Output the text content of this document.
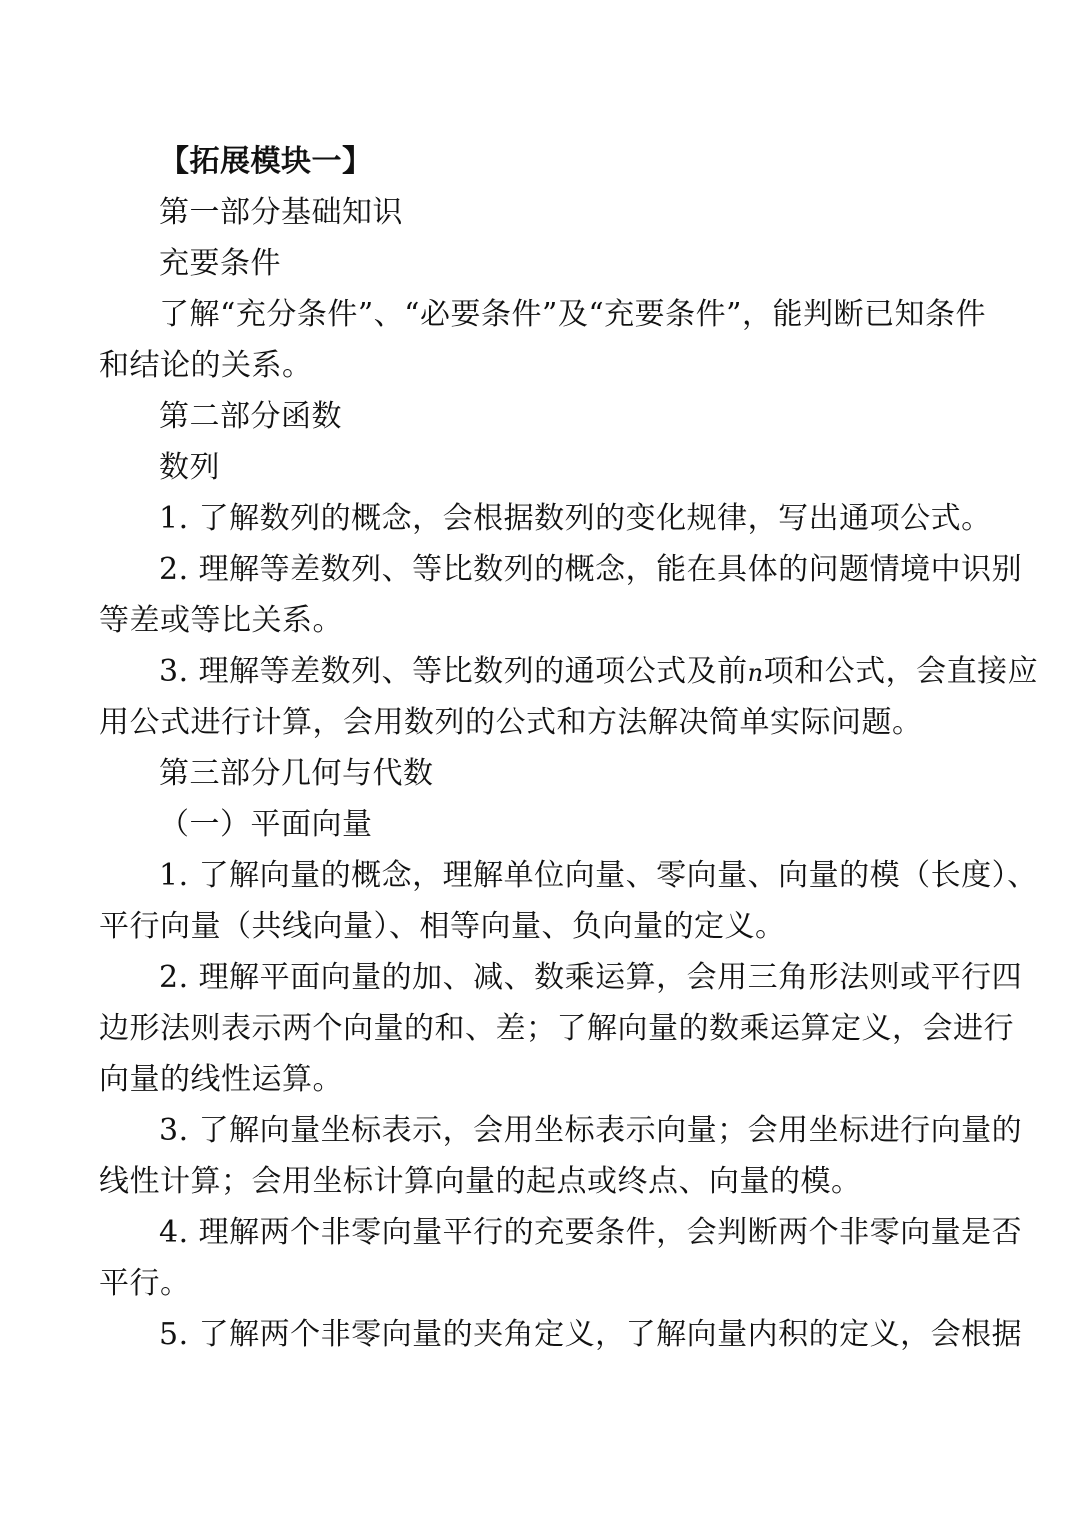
【拓展模块一】
第一部分基础知识
充要条件
了解“充分条件”、“必要条件”及“充要条件”，能判断已知条件
和结论的关系。
第二部分函数
数列
1. 了解数列的概念，会根据数列的变化规律，写出通项公式。
2. 理解等差数列、等比数列的概念，能在具体的问题情境中识别
等差或等比关系。
3. 理解等差数列、等比数列的通项公式及前n项和公式，会直接应
用公式进行计算，会用数列的公式和方法解决简单实际问题。
第三部分几何与代数
（一）平面向量
1. 了解向量的概念，理解单位向量、零向量、向量的模（长度）、
平行向量（共线向量）、相等向量、负向量的定义。
2. 理解平面向量的加、减、数乘运算，会用三角形法则或平行四
边形法则表示两个向量的和、差；了解向量的数乘运算定义，会进行
向量的线性运算。
3. 了解向量坐标表示，会用坐标表示向量；会用坐标进行向量的
线性计算；会用坐标计算向量的起点或终点、向量的模。
4. 理解两个非零向量平行的充要条件，会判断两个非零向量是否
平行。
5. 了解两个非零向量的夹角定义，了解向量内积的定义，会根据
